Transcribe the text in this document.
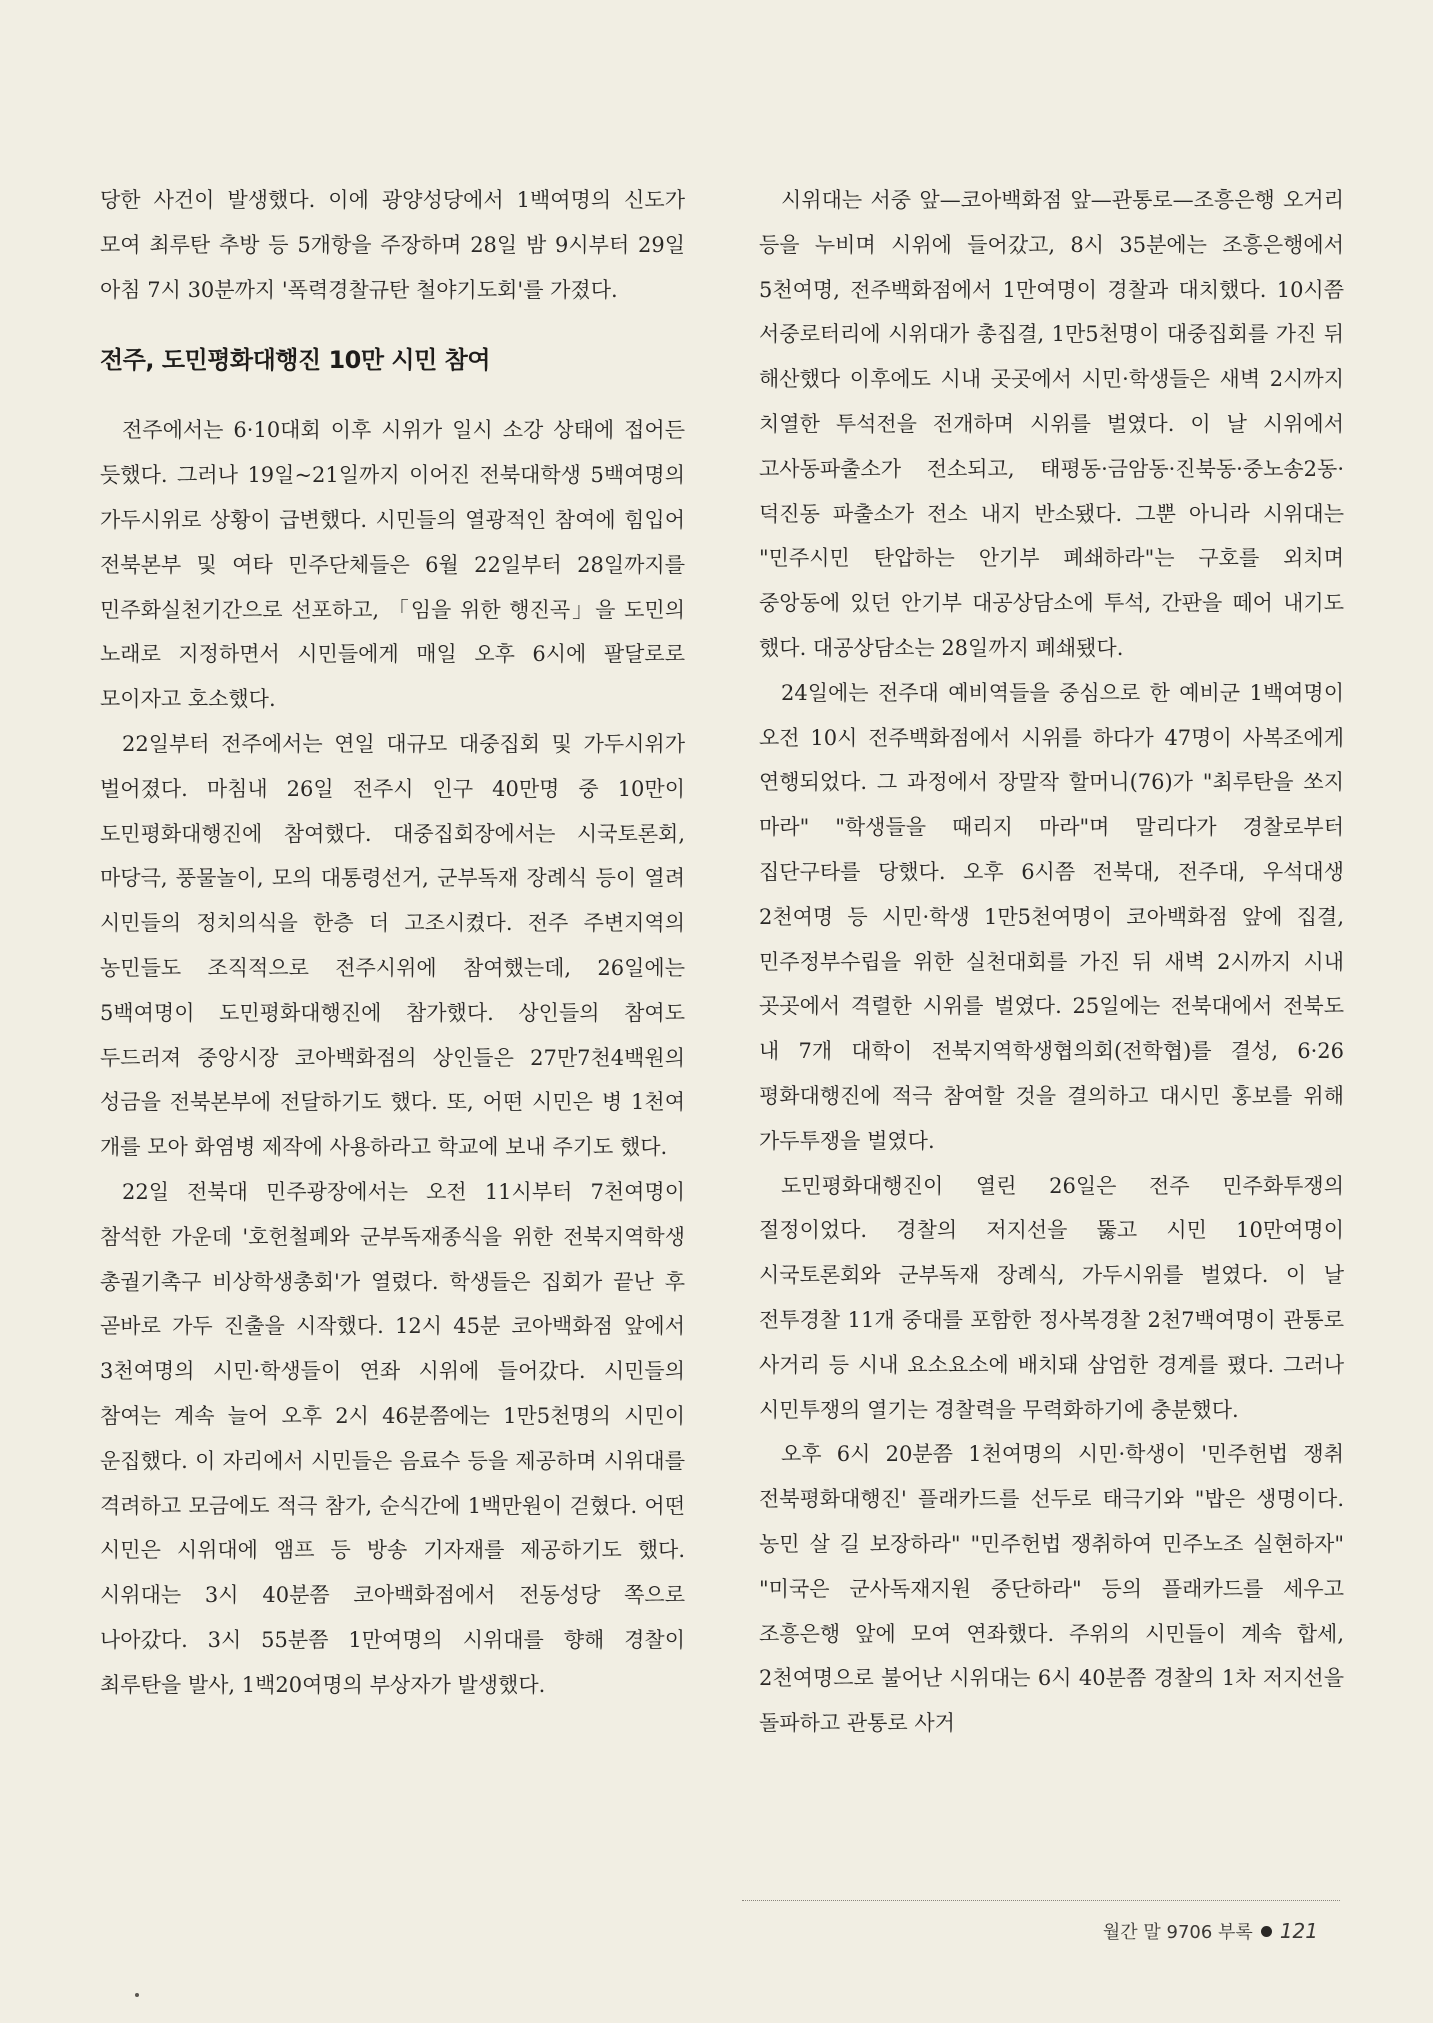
당한 사건이 발생했다. 이에 광양성당에서 1백여명의 신도가 모여 최루탄 추방 등 5개항을 주장하며 28일 밤 9시부터 29일 아침 7시 30분까지 '폭력경찰규탄 철야기도회'를 가졌다.

전주, 도민평화대행진 10만 시민 참여

전주에서는 6·10대회 이후 시위가 일시 소강 상태에 접어든 듯했다. 그러나 19일~21일까지 이어진 전북대학생 5백여명의 가두시위로 상황이 급변했다. 시민들의 열광적인 참여에 힘입어 전북본부 및 여타 민주단체들은 6월 22일부터 28일까지를 민주화실천기간으로 선포하고, 「임을 위한 행진곡」을 도민의 노래로 지정하면서 시민들에게 매일 오후 6시에 팔달로로 모이자고 호소했다.

22일부터 전주에서는 연일 대규모 대중집회 및 가두시위가 벌어졌다. 마침내 26일 전주시 인구 40만명 중 10만이 도민평화대행진에 참여했다. 대중집회장에서는 시국토론회, 마당극, 풍물놀이, 모의 대통령선거, 군부독재 장례식 등이 열려 시민들의 정치의식을 한층 더 고조시켰다. 전주 주변지역의 농민들도 조직적으로 전주시위에 참여했는데, 26일에는 5백여명이 도민평화대행진에 참가했다. 상인들의 참여도 두드러져 중앙시장 코아백화점의 상인들은 27만7천4백원의 성금을 전북본부에 전달하기도 했다. 또, 어떤 시민은 병 1천여 개를 모아 화염병 제작에 사용하라고 학교에 보내 주기도 했다.

22일 전북대 민주광장에서는 오전 11시부터 7천여명이 참석한 가운데 '호헌철폐와 군부독재종식을 위한 전북지역학생 총궐기촉구 비상학생총회'가 열렸다. 학생들은 집회가 끝난 후 곧바로 가두 진출을 시작했다. 12시 45분 코아백화점 앞에서 3천여명의 시민·학생들이 연좌 시위에 들어갔다. 시민들의 참여는 계속 늘어 오후 2시 46분쯤에는 1만5천명의 시민이 운집했다. 이 자리에서 시민들은 음료수 등을 제공하며 시위대를 격려하고 모금에도 적극 참가, 순식간에 1백만원이 걷혔다. 어떤 시민은 시위대에 앰프 등 방송 기자재를 제공하기도 했다. 시위대는 3시 40분쯤 코아백화점에서 전동성당 쪽으로 나아갔다. 3시 55분쯤 1만여명의 시위대를 향해 경찰이 최루탄을 발사, 1백20여명의 부상자가 발생했다.

시위대는 서중 앞—코아백화점 앞—관통로—조흥은행 오거리 등을 누비며 시위에 들어갔고, 8시 35분에는 조흥은행에서 5천여명, 전주백화점에서 1만여명이 경찰과 대치했다. 10시쯤 서중로터리에 시위대가 총집결, 1만5천명이 대중집회를 가진 뒤 해산했다 이후에도 시내 곳곳에서 시민·학생들은 새벽 2시까지 치열한 투석전을 전개하며 시위를 벌였다. 이 날 시위에서 고사동파출소가 전소되고, 태평동·금암동·진북동·중노송2동·덕진동 파출소가 전소 내지 반소됐다. 그뿐 아니라 시위대는 "민주시민 탄압하는 안기부 폐쇄하라"는 구호를 외치며 중앙동에 있던 안기부 대공상담소에 투석, 간판을 떼어 내기도 했다. 대공상담소는 28일까지 폐쇄됐다.

24일에는 전주대 예비역들을 중심으로 한 예비군 1백여명이 오전 10시 전주백화점에서 시위를 하다가 47명이 사복조에게 연행되었다. 그 과정에서 장말작 할머니(76)가 "최루탄을 쏘지 마라" "학생들을 때리지 마라"며 말리다가 경찰로부터 집단구타를 당했다. 오후 6시쯤 전북대, 전주대, 우석대생 2천여명 등 시민·학생 1만5천여명이 코아백화점 앞에 집결, 민주정부수립을 위한 실천대회를 가진 뒤 새벽 2시까지 시내 곳곳에서 격렬한 시위를 벌였다. 25일에는 전북대에서 전북도 내 7개 대학이 전북지역학생협의회(전학협)를 결성, 6·26 평화대행진에 적극 참여할 것을 결의하고 대시민 홍보를 위해 가두투쟁을 벌였다.

도민평화대행진이 열린 26일은 전주 민주화투쟁의 절정이었다. 경찰의 저지선을 뚫고 시민 10만여명이 시국토론회와 군부독재 장례식, 가두시위를 벌였다. 이 날 전투경찰 11개 중대를 포함한 정사복경찰 2천7백여명이 관통로 사거리 등 시내 요소요소에 배치돼 삼엄한 경계를 폈다. 그러나 시민투쟁의 열기는 경찰력을 무력화하기에 충분했다.

오후 6시 20분쯤 1천여명의 시민·학생이 '민주헌법 쟁취 전북평화대행진' 플래카드를 선두로 태극기와 "밥은 생명이다. 농민 살 길 보장하라" "민주헌법 쟁취하여 민주노조 실현하자" "미국은 군사독재지원 중단하라" 등의 플래카드를 세우고 조흥은행 앞에 모여 연좌했다. 주위의 시민들이 계속 합세, 2천여명으로 불어난 시위대는 6시 40분쯤 경찰의 1차 저지선을 돌파하고 관통로 사거

월간 말 9706 부록 121
